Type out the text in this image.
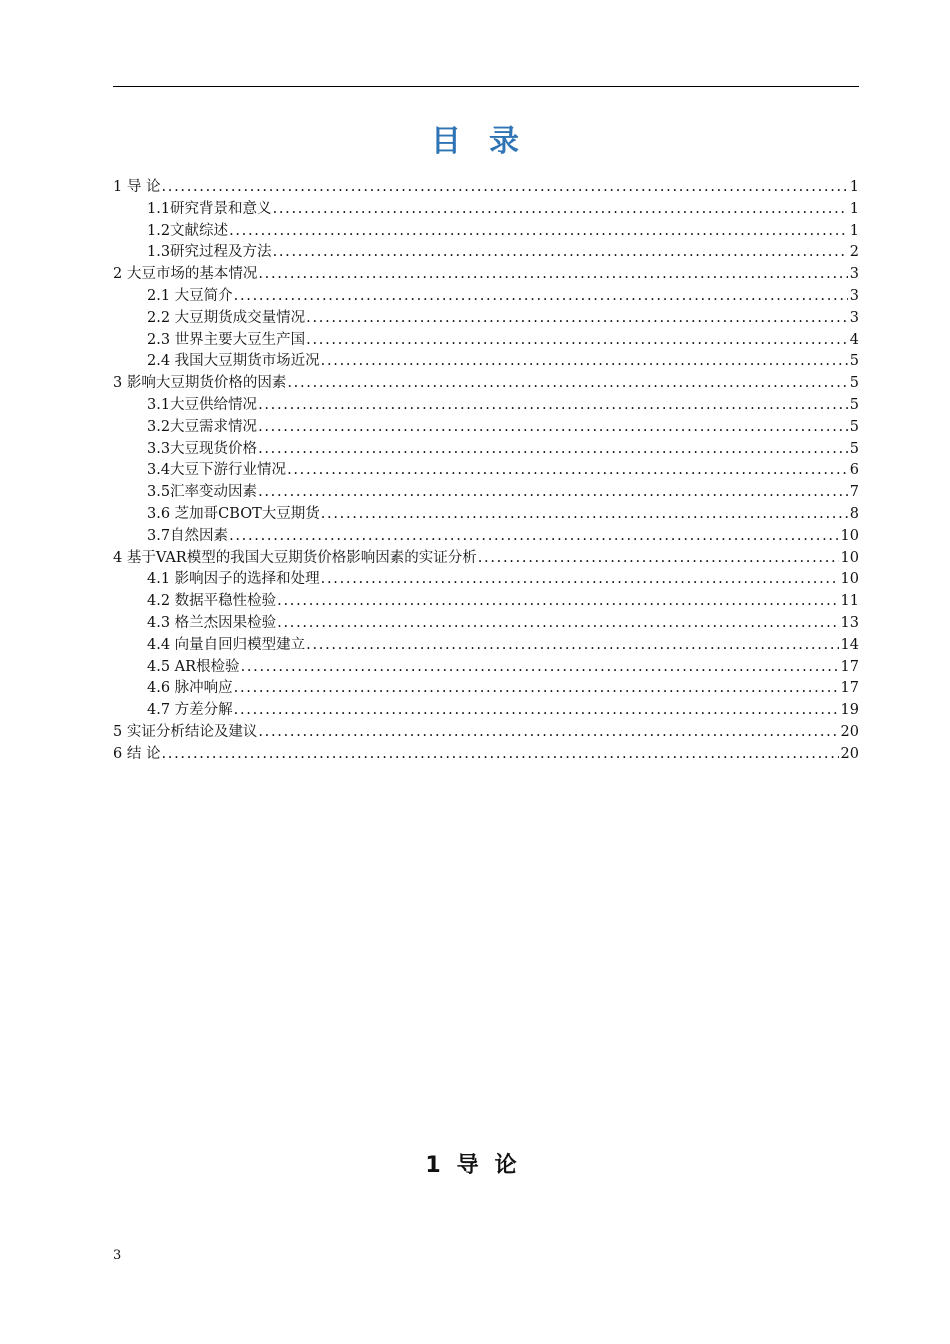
目 录
1 导 论 .....	1
1.1研究背景和意义 .....	1
1.2文献综述 .....	1
1.3研究过程及方法 .....	2
2 大豆市场的基本情况 .....	3
2.1 大豆简介 .....	3
2.2 大豆期货成交量情况 .....	3
2.3 世界主要大豆生产国 .....	4
2.4 我国大豆期货市场近况 .....	5
3 影响大豆期货价格的因素 .....	5
3.1大豆供给情况 .....	5
3.2大豆需求情况 .....	5
3.3大豆现货价格 .....	5
3.4大豆下游行业情况 .....	6
3.5汇率变动因素 .....	7
3.6 芝加哥CBOT大豆期货 .....	8
3.7自然因素 .....	10
4 基于VAR模型的我国大豆期货价格影响因素的实证分析 .....	10
4.1 影响因子的选择和处理 .....	10
4.2 数据平稳性检验 .....	11
4.3 格兰杰因果检验 .....	13
4.4 向量自回归模型建立 .....	14
4.5 AR根检验 .....	17
4.6 脉冲响应 .....	17
4.7 方差分解 .....	19
5 实证分析结论及建议 .....	20
6 结 论 .....	20
1 导 论
3
